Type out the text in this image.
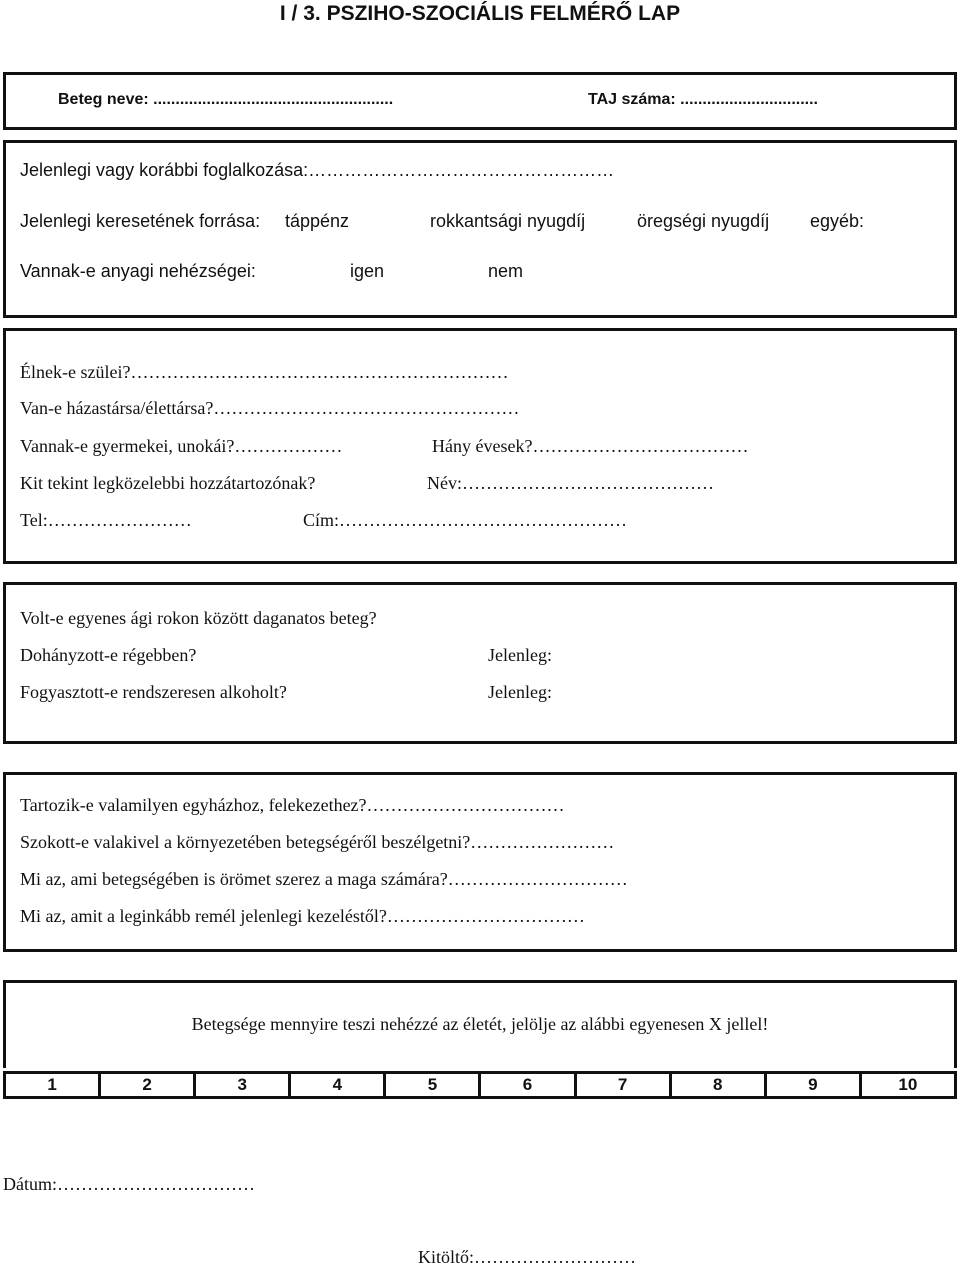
I / 3. PSZIHO-SZOCIÁLIS FELMÉRŐ LAP
Beteg neve: ......................................................	TAJ száma: ...............................
Jelenlegi vagy korábbi foglalkozása:……………………………………………
Jelenlegi keresetének forrása: táppénz	rokkantsági nyugdíj	öregségi nyugdíj egyéb:
Vannak-e anyagi nehézségei:	igen	nem
Élnek-e szülei?………………………………………………………
Van-e házastársa/élettársa?……………………………………………
Vannak-e gyermekei, unokái?………………	Hány évesek?………………………………
Kit tekint legközelebbi hozzátartozónak?	Név:……………………………………
Tel:……………………	Cím:…………………………………………
Volt-e egyenes ági rokon között daganatos beteg?
Dohányzott-e régebben?	Jelenleg:
Fogyasztott-e rendszeresen alkoholt?	Jelenleg:
Tartozik-e valamilyen egyházhoz, felekezethez?……………………………
Szokott-e valakivel a környezetében betegségéről beszélgetni?……………………
Mi az, ami betegségében is örömet szerez a maga számára?…………………………
Mi az, amit a leginkább remél jelenlegi kezeléstől?……………………………
Betegsége mennyire teszi nehézzé az életét, jelölje az alábbi egyenesen X jellel!
1	2	3	4	5	6	7	8	9	10
Dátum:……………………………
Kitöltő:………………………
